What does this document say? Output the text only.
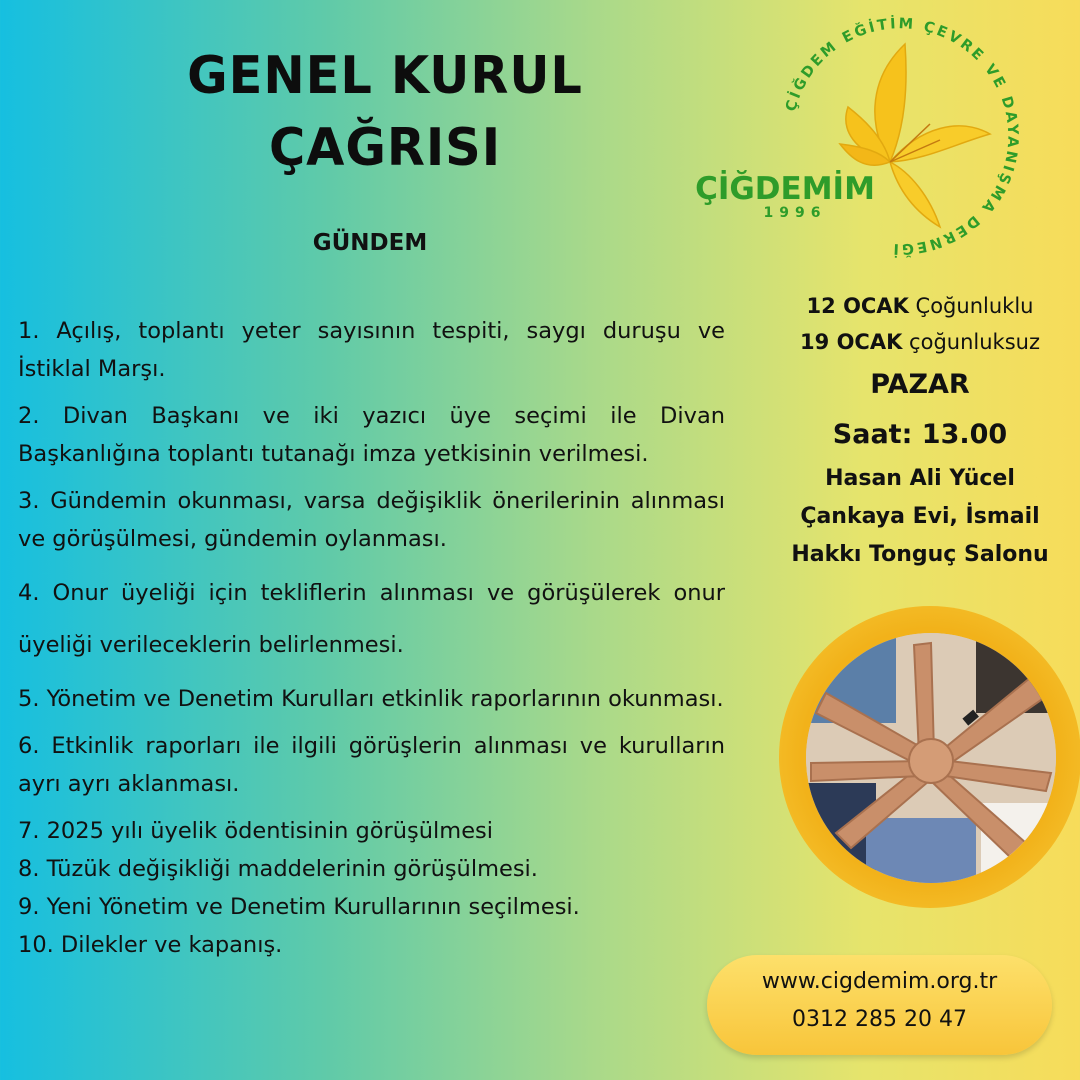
GENEL KURUL
ÇAĞRISI
GÜNDEM

1. Açılış, toplantı yeter sayısının tespiti, saygı duruşu ve İstiklal Marşı.

2. Divan Başkanı ve iki yazıcı üye seçimi ile Divan Başkanlığına toplantı tutanağı imza yetkisinin verilmesi.

3. Gündemin okunması, varsa değişiklik önerilerinin alınması ve görüşülmesi, gündemin oylanması.

4. Onur üyeliği için tekliflerin alınması ve görüşülerek onur üyeliği verileceklerin belirlenmesi.

5. Yönetim ve Denetim Kurulları etkinlik raporlarının okunması.

6. Etkinlik raporları ile ilgili görüşlerin alınması ve kurulların ayrı ayrı aklanması.

7. 2025 yılı üyelik ödentisinin görüşülmesi

8. Tüzük değişikliği maddelerinin görüşülmesi.

9. Yeni Yönetim ve Denetim Kurullarının seçilmesi.

10. Dilekler ve kapanış.

ÇİĞDEM EĞİTİM ÇEVRE VE DAYANIŞMA DERNEĞİ
ÇİĞDEMİM
1996
12 OCAK Çoğunluklu
19 OCAK çoğunluksuz
PAZAR
Saat: 13.00
Hasan Ali Yücel
Çankaya Evi, İsmail
Hakkı Tonguç Salonu
www.cigdemim.org.tr
0312 285 20 47
